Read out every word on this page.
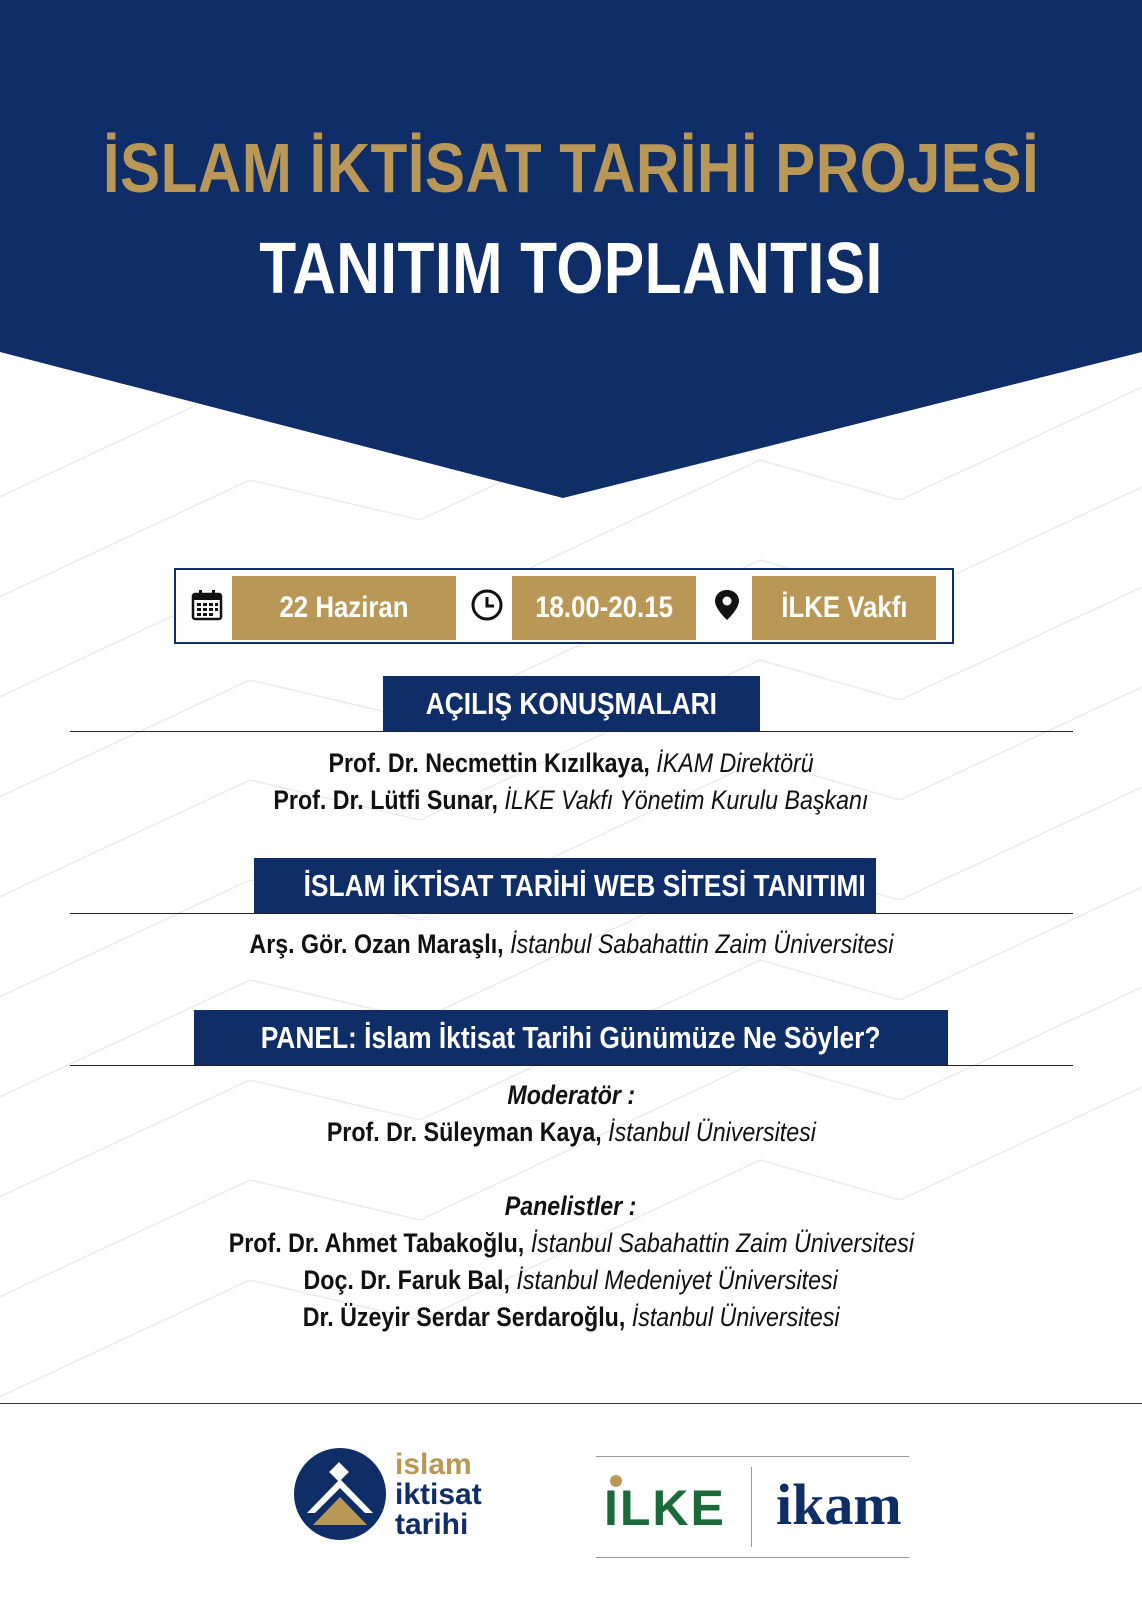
İSLAM İKTİSAT TARİHİ PROJESİ
TANITIM TOPLANTISI
22 Haziran 2022
18.00-20.15	İLKE Vakfı
AÇILIŞ KONUŞMALARI
Prof. Dr. Necmettin Kızılkaya, İKAM Direktörü
Prof. Dr. Lütfi Sunar, İLKE Vakfı Yönetim Kurulu Başkanı
İSLAM İKTİSAT TARİHİ WEB SİTESİ TANITIMI
Arş. Gör. Ozan Maraşlı, İstanbul Sabahattin Zaim Üniversitesi
PANEL: İslam İktisat Tarihi Günümüze Ne Söyler?
Moderatör :
Prof. Dr. Süleyman Kaya, İstanbul Üniversitesi
Panelistler :
Prof. Dr. Ahmet Tabakoğlu, İstanbul Sabahattin Zaim Üniversitesi
Doç. Dr. Faruk Bal, İstanbul Medeniyet Üniversitesi
Dr. Üzeyir Serdar Serdaroğlu, İstanbul Üniversitesi
islam
iktisat
tarihi	ILKE ikam
